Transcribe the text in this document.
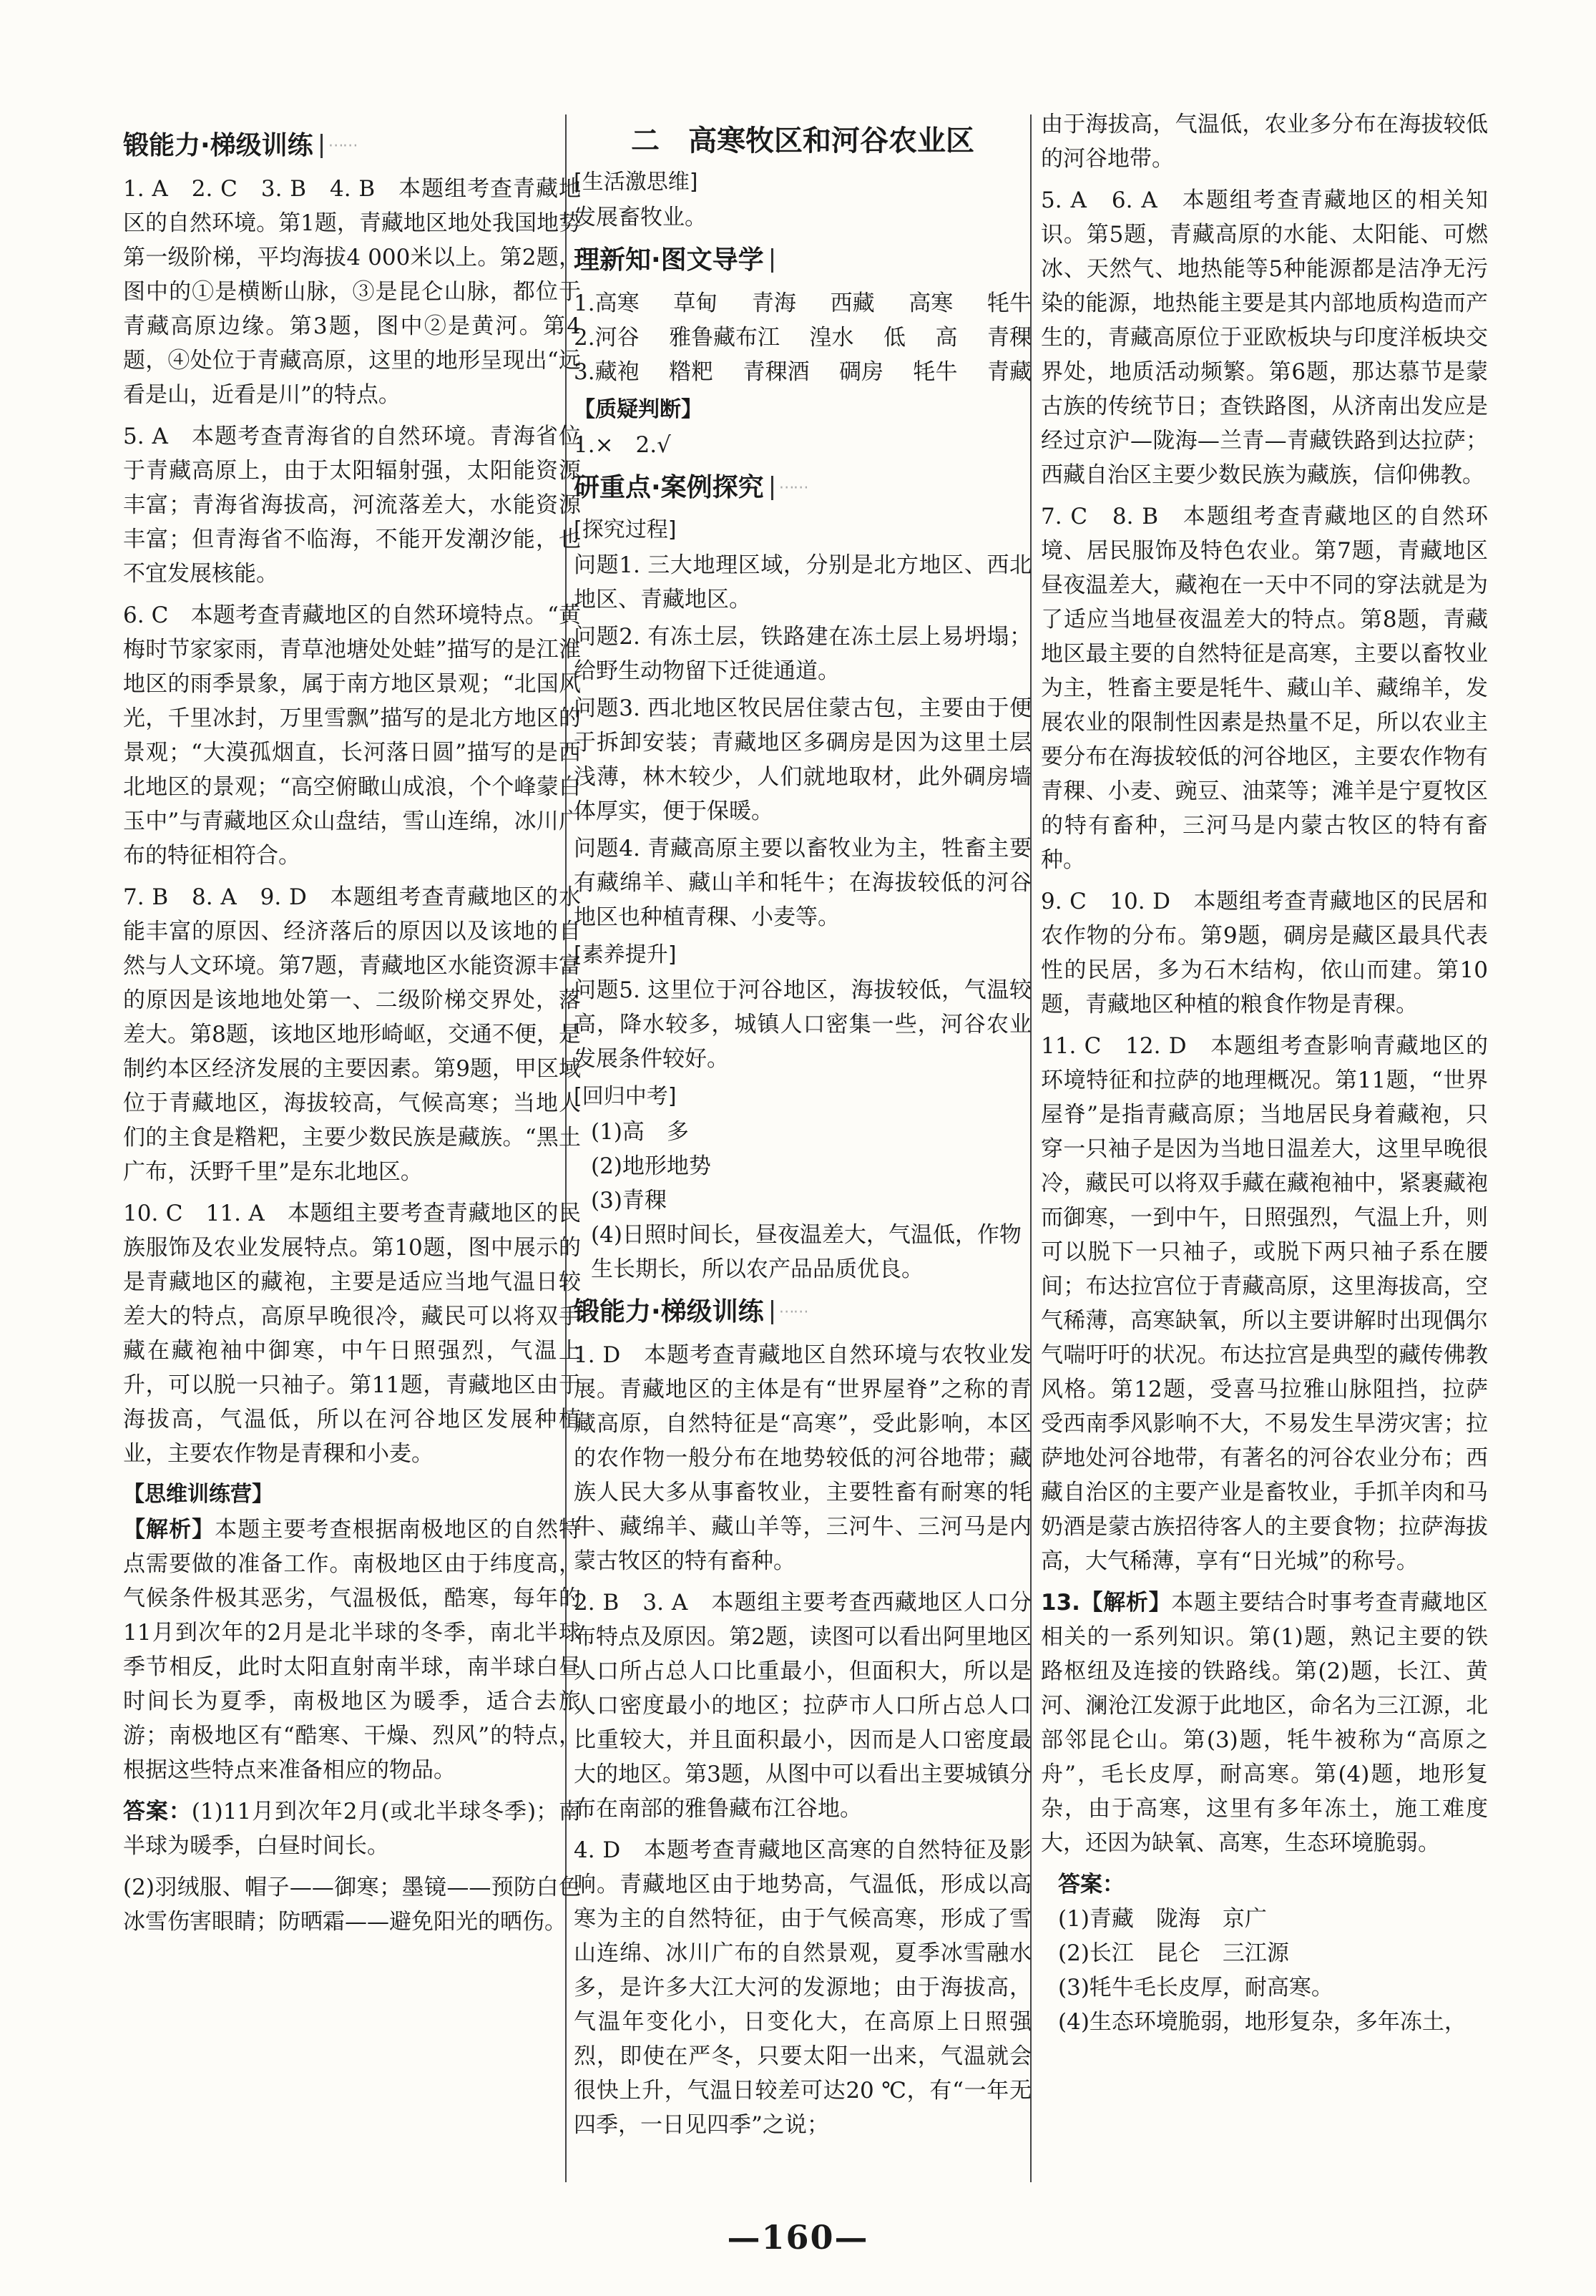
锻能力·梯级训练 ⋯⋯

1. A　2. C　3. B　4. B　本题组考查青藏地区的自然环境。第1题，青藏地区地处我国地势第一级阶梯，平均海拔4 000米以上。第2题，图中的①是横断山脉，③是昆仑山脉，都位于青藏高原边缘。第3题，图中②是黄河。第4题，④处位于青藏高原，这里的地形呈现出“远看是山，近看是川”的特点。

5. A　本题考查青海省的自然环境。青海省位于青藏高原上，由于太阳辐射强，太阳能资源丰富；青海省海拔高，河流落差大，水能资源丰富；但青海省不临海，不能开发潮汐能，也不宜发展核能。

6. C　本题考查青藏地区的自然环境特点。“黄梅时节家家雨，青草池塘处处蛙”描写的是江淮地区的雨季景象，属于南方地区景观；“北国风光，千里冰封，万里雪飘”描写的是北方地区的景观；“大漠孤烟直，长河落日圆”描写的是西北地区的景观；“高空俯瞰山成浪，个个峰蒙白玉中”与青藏地区众山盘结，雪山连绵，冰川广布的特征相符合。

7. B　8. A　9. D　本题组考查青藏地区的水能丰富的原因、经济落后的原因以及该地的自然与人文环境。第7题，青藏地区水能资源丰富的原因是该地地处第一、二级阶梯交界处，落差大。第8题，该地区地形崎岖，交通不便，是制约本区经济发展的主要因素。第9题，甲区域位于青藏地区，海拔较高，气候高寒；当地人们的主食是糌粑，主要少数民族是藏族。“黑土广布，沃野千里”是东北地区。

10. C　11. A　本题组主要考查青藏地区的民族服饰及农业发展特点。第10题，图中展示的是青藏地区的藏袍，主要是适应当地气温日较差大的特点，高原早晚很冷，藏民可以将双手藏在藏袍袖中御寒，中午日照强烈，气温上升，可以脱一只袖子。第11题，青藏地区由于海拔高，气温低，所以在河谷地区发展种植业，主要农作物是青稞和小麦。

【思维训练营】

【解析】本题主要考查根据南极地区的自然特点需要做的准备工作。南极地区由于纬度高，气候条件极其恶劣，气温极低，酷寒，每年的11月到次年的2月是北半球的冬季，南北半球季节相反，此时太阳直射南半球，南半球白昼时间长为夏季，南极地区为暖季，适合去旅游；南极地区有“酷寒、干燥、烈风”的特点，根据这些特点来准备相应的物品。

答案：(1)11月到次年2月(或北半球冬季)；南半球为暖季，白昼时间长。

(2)羽绒服、帽子——御寒；墨镜——预防白色冰雪伤害眼睛；防晒霜——避免阳光的晒伤。

二　高寒牧区和河谷农业区
[生活激思维]
发展畜牧业。
理新知·图文导学
1.高寒 草甸 青海 西藏 高寒 牦牛
2.河谷 雅鲁藏布江 湟水 低 高 青稞
3.藏袍 糌粑 青稞酒 碉房 牦牛 青藏
【质疑判断】
1.×　2.√
研重点·案例探究 ⋯⋯
[探究过程]

问题1. 三大地理区域，分别是北方地区、西北地区、青藏地区。

问题2. 有冻土层，铁路建在冻土层上易坍塌；给野生动物留下迁徙通道。

问题3. 西北地区牧民居住蒙古包，主要由于便于拆卸安装；青藏地区多碉房是因为这里土层浅薄，林木较少，人们就地取材，此外碉房墙体厚实，便于保暖。

问题4. 青藏高原主要以畜牧业为主，牲畜主要有藏绵羊、藏山羊和牦牛；在海拔较低的河谷地区也种植青稞、小麦等。

[素养提升]

问题5. 这里位于河谷地区，海拔较低，气温较高，降水较多，城镇人口密集一些，河谷农业发展条件较好。

[回归中考]
(1)高　多
(2)地形地势
(3)青稞
(4)日照时间长，昼夜温差大，气温低，作物生长期长，所以农产品品质优良。
锻能力·梯级训练 ⋯⋯

1. D　本题考查青藏地区自然环境与农牧业发展。青藏地区的主体是有“世界屋脊”之称的青藏高原，自然特征是“高寒”，受此影响，本区的农作物一般分布在地势较低的河谷地带；藏族人民大多从事畜牧业，主要牲畜有耐寒的牦牛、藏绵羊、藏山羊等，三河牛、三河马是内蒙古牧区的特有畜种。

2. B　3. A　本题组主要考查西藏地区人口分布特点及原因。第2题，读图可以看出阿里地区人口所占总人口比重最小，但面积大，所以是人口密度最小的地区；拉萨市人口所占总人口比重较大，并且面积最小，因而是人口密度最大的地区。第3题，从图中可以看出主要城镇分布在南部的雅鲁藏布江谷地。

4. D　本题考查青藏地区高寒的自然特征及影响。青藏地区由于地势高，气温低，形成以高寒为主的自然特征，由于气候高寒，形成了雪山连绵、冰川广布的自然景观，夏季冰雪融水多，是许多大江大河的发源地；由于海拔高，气温年变化小，日变化大，在高原上日照强烈，即使在严冬，只要太阳一出来，气温就会很快上升，气温日较差可达20 ℃，有“一年无四季，一日见四季”之说；

由于海拔高，气温低，农业多分布在海拔较低的河谷地带。

5. A　6. A　本题组考查青藏地区的相关知识。第5题，青藏高原的水能、太阳能、可燃冰、天然气、地热能等5种能源都是洁净无污染的能源，地热能主要是其内部地质构造而产生的，青藏高原位于亚欧板块与印度洋板块交界处，地质活动频繁。第6题，那达慕节是蒙古族的传统节日；查铁路图，从济南出发应是经过京沪—陇海—兰青—青藏铁路到达拉萨；西藏自治区主要少数民族为藏族，信仰佛教。

7. C　8. B　本题组考查青藏地区的自然环境、居民服饰及特色农业。第7题，青藏地区昼夜温差大，藏袍在一天中不同的穿法就是为了适应当地昼夜温差大的特点。第8题，青藏地区最主要的自然特征是高寒，主要以畜牧业为主，牲畜主要是牦牛、藏山羊、藏绵羊，发展农业的限制性因素是热量不足，所以农业主要分布在海拔较低的河谷地区，主要农作物有青稞、小麦、豌豆、油菜等；滩羊是宁夏牧区的特有畜种，三河马是内蒙古牧区的特有畜种。

9. C　10. D　本题组考查青藏地区的民居和农作物的分布。第9题，碉房是藏区最具代表性的民居，多为石木结构，依山而建。第10题，青藏地区种植的粮食作物是青稞。

11. C　12. D　本题组考查影响青藏地区的环境特征和拉萨的地理概况。第11题，“世界屋脊”是指青藏高原；当地居民身着藏袍，只穿一只袖子是因为当地日温差大，这里早晚很冷，藏民可以将双手藏在藏袍袖中，紧裹藏袍而御寒，一到中午，日照强烈，气温上升，则可以脱下一只袖子，或脱下两只袖子系在腰间；布达拉宫位于青藏高原，这里海拔高，空气稀薄，高寒缺氧，所以主要讲解时出现偶尔气喘吁吁的状况。布达拉宫是典型的藏传佛教风格。第12题，受喜马拉雅山脉阻挡，拉萨受西南季风影响不大，不易发生旱涝灾害；拉萨地处河谷地带，有著名的河谷农业分布；西藏自治区的主要产业是畜牧业，手抓羊肉和马奶酒是蒙古族招待客人的主要食物；拉萨海拔高，大气稀薄，享有“日光城”的称号。

13.【解析】本题主要结合时事考查青藏地区相关的一系列知识。第(1)题，熟记主要的铁路枢纽及连接的铁路线。第(2)题，长江、黄河、澜沧江发源于此地区，命名为三江源，北部邻昆仑山。第(3)题，牦牛被称为“高原之舟”，毛长皮厚，耐高寒。第(4)题，地形复杂，由于高寒，这里有多年冻土，施工难度大，还因为缺氧、高寒，生态环境脆弱。

答案：
(1)青藏　陇海　京广
(2)长江　昆仑　三江源
(3)牦牛毛长皮厚，耐高寒。
(4)生态环境脆弱，地形复杂，多年冻土，
—160—
